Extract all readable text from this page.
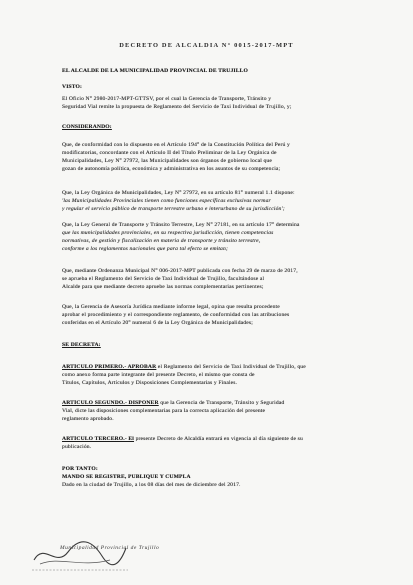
DECRETO DE ALCALDIA N° 0015-2017-MPT
EL ALCALDE DE LA MUNICIPALIDAD PROVINCIAL DE TRUJILLO
VISTO:
El Oficio N° 2980-2017-MPT-GTTSV, por el cual la Gerencia de Transporte, Tránsito y
Seguridad Vial remite la propuesta de Reglamento del Servicio de Taxi Individual de Trujillo, y;
CONSIDERANDO:
Que, de conformidad con lo dispuesto en el Artículo 194° de la Constitución Política del Perú y
modificatorias, concordante con el Artículo II del Título Preliminar de la Ley Orgánica de
Municipalidades, Ley N° 27972, las Municipalidades son órganos de gobierno local que
gozan de autonomía política, económica y administrativa en los asuntos de su competencia;
Que, la Ley Orgánica de Municipalidades, Ley N° 27972, en su artículo 81° numeral 1.1 dispone:
'las Municipalidades Provinciales tienen como funciones específicas exclusivas normar
y regular el servicio público de transporte terrestre urbano e interurbano de su jurisdicción';
Que, la Ley General de Transporte y Tránsito Terrestre, Ley N° 27181, en su artículo 17° determina
que las municipalidades provinciales, en su respectiva jurisdicción, tienen competencias
normativas, de gestión y fiscalización en materia de transporte y tránsito terrestre,
conforme a los reglamentos nacionales que para tal efecto se emitan;
Que, mediante Ordenanza Municipal N° 006-2017-MPT publicada con fecha 29 de marzo de 2017,
se aprueba el Reglamento del Servicio de Taxi Individual de Trujillo, facultándose al
Alcalde para que mediante decreto apruebe las normas complementarias pertinentes;
Que, la Gerencia de Asesoría Jurídica mediante informe legal, opina que resulta procedente
aprobar el procedimiento y el correspondiente reglamento, de conformidad con las atribuciones
conferidas en el Artículo 20° numeral 6 de la Ley Orgánica de Municipalidades;
SE DECRETA:
ARTÍCULO PRIMERO.- APROBAR el Reglamento del Servicio de Taxi Individual de Trujillo, que
como anexo forma parte integrante del presente Decreto, el mismo que consta de
Títulos, Capítulos, Artículos y Disposiciones Complementarias y Finales.
ARTÍCULO SEGUNDO.- DISPONER que la Gerencia de Transporte, Tránsito y Seguridad
Vial, dicte las disposiciones complementarias para la correcta aplicación del presente
reglamento aprobado.
ARTÍCULO TERCERO.- El presente Decreto de Alcaldía entrará en vigencia al día siguiente de su
publicación.
POR TANTO:
MANDO SE REGISTRE, PUBLIQUE Y CUMPLA
Dado en la ciudad de Trujillo, a los 08 días del mes de diciembre del 2017.
Municipalidad Provincial de Trujillo
